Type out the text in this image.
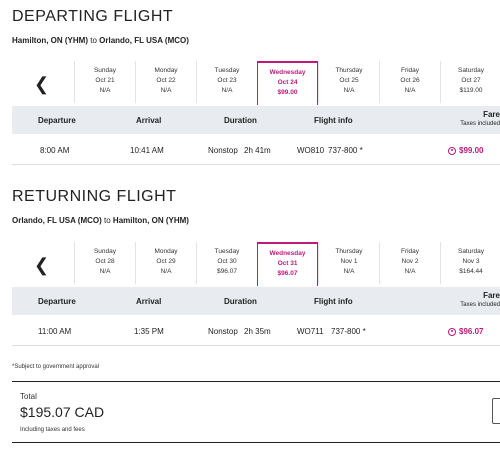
DEPARTING FLIGHT
Hamilton, ON (YHM) to Orlando, FL USA (MCO)
❮
Sunday
Oct 21
N/A
Monday
Oct 22
N/A
Tuesday
Oct 23
N/A
Wednesday
Oct 24
$99.00
Thursday
Oct 25
N/A
Friday
Oct 26
N/A
Saturday
Oct 27
$119.00
Departure	Arrival	Duration	Flight info
Fare
Taxes included
8:00 AM	10:41 AM	Nonstop 2h 41m	WO810 737-800 *	$99.00
RETURNING FLIGHT
Orlando, FL USA (MCO) to Hamilton, ON (YHM)
❮
Sunday
Oct 28
N/A
Monday
Oct 29
N/A
Tuesday
Oct 30
$96.07
Wednesday
Oct 31
$96.07
Thursday
Nov 1
N/A
Friday
Nov 2
N/A
Saturday
Nov 3
$164.44
Departure	Arrival	Duration	Flight info
Fare
Taxes included
11:00 AM	1:35 PM	Nonstop 2h 35m	WO711 737-800 *	$96.07
*Subject to government approval
Total
$195.07 CAD
Including taxes and fees
